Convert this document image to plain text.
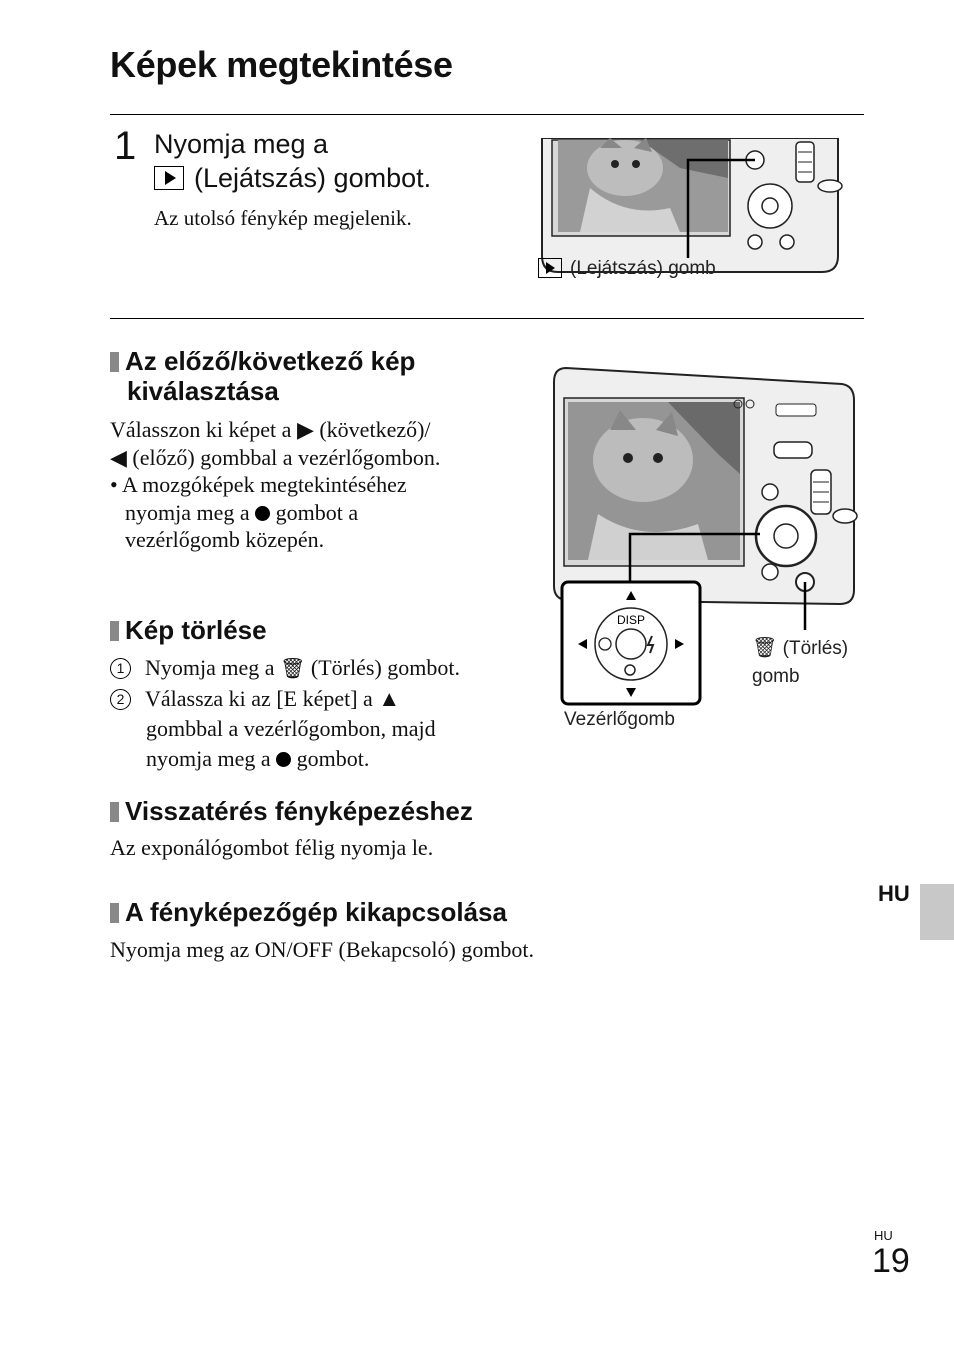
Képek megtekintése
1 Nyomja meg a
(Lejátszás) gombot.
Az utolsó fénykép megjelenik.
(Lejátszás) gomb
Az előző/következő kép
kiválasztása
Válasszon ki képet a ▶ (következő)/
◀ (előző) gombbal a vezérlőgombon.
• A mozgóképek megtekintéséhez
nyomja meg a gombot a
vezérlőgomb közepén.
DISP
Vezérlőgomb
🗑 (Törlés)
gomb
Kép törlése
1 Nyomja meg a 🗑 (Törlés) gombot.
2 Válassza ki az [E képet] a ▲
gombbal a vezérlőgombon, majd
nyomja meg a gombot.
Visszatérés fényképezéshez
Az exponálógombot félig nyomja le.
A fényképezőgép kikapcsolása
Nyomja meg az ON/OFF (Bekapcsoló) gombot.
HU
HU
19
